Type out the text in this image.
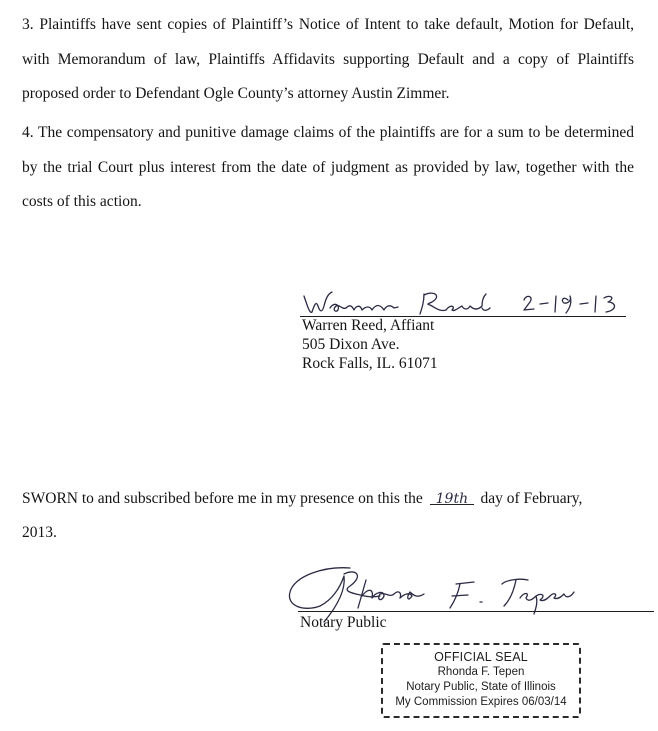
3. Plaintiffs have sent copies of Plaintiff’s Notice of Intent to take default, Motion for Default, with Memorandum of law, Plaintiffs Affidavits supporting Default and a copy of Plaintiffs proposed order to Defendant Ogle County’s attorney Austin Zimmer.

4. The compensatory and punitive damage claims of the plaintiffs are for a sum to be determined by the trial Court plus interest from the date of judgment as provided by law, together with the costs of this action.

Warren Reed, Affiant
505 Dixon Ave.
Rock Falls, IL. 61071

SWORN to and subscribed before me in my presence on this the 19th day of February,
2013.

Notary Public
OFFICIAL SEAL
Rhonda F. Tepen
Notary Public, State of Illinois
My Commission Expires 06/03/14
